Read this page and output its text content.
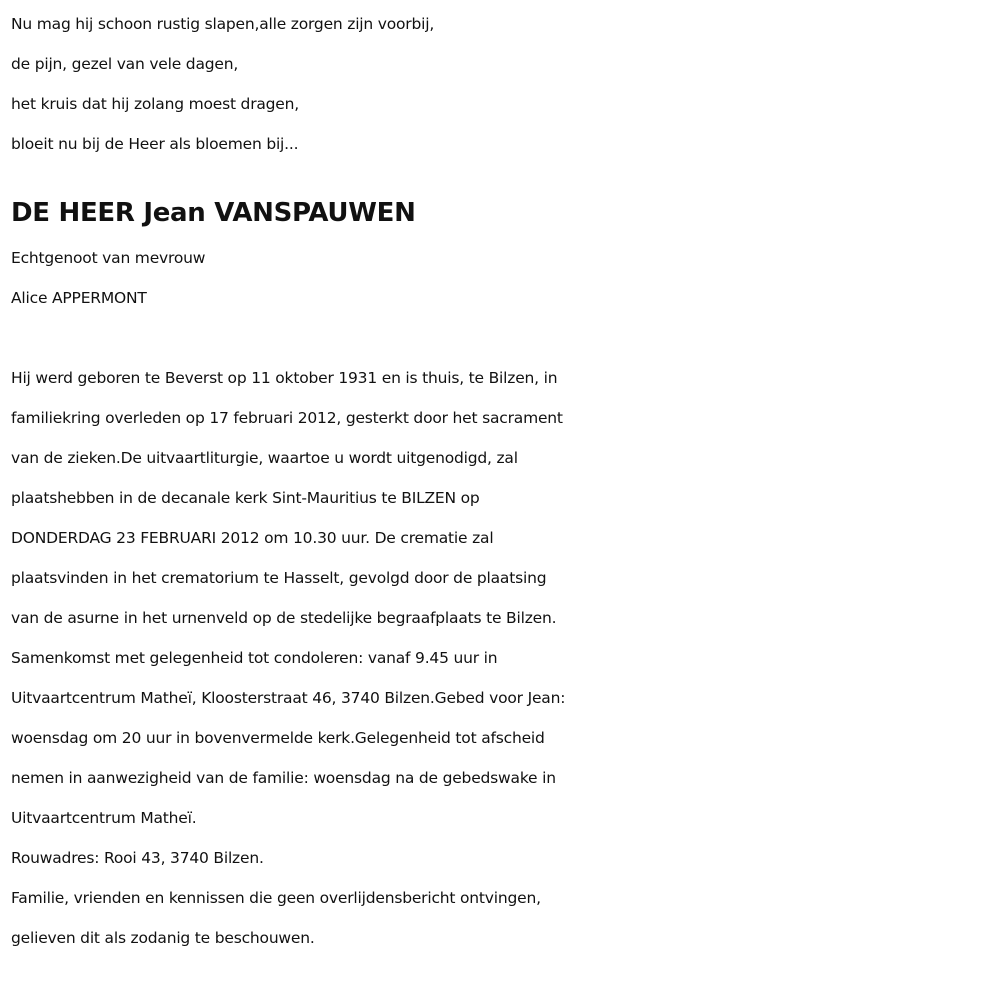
Nu mag hij schoon rustig slapen,alle zorgen zijn voorbij,
de pijn, gezel van vele dagen,
het kruis dat hij zolang moest dragen,
bloeit nu bij de Heer als bloemen bij...
DE HEER Jean VANSPAUWEN
Echtgenoot van mevrouw
Alice APPERMONT
Hij werd geboren te Beverst op 11 oktober 1931 en is thuis, te Bilzen, in
familiekring overleden op 17 februari 2012, gesterkt door het sacrament
van de zieken.De uitvaartliturgie, waartoe u wordt uitgenodigd, zal
plaatshebben in de decanale kerk Sint-Mauritius te BILZEN op
DONDERDAG 23 FEBRUARI 2012 om 10.30 uur. De crematie zal
plaatsvinden in het crematorium te Hasselt, gevolgd door de plaatsing
van de asurne in het urnenveld op de stedelijke begraafplaats te Bilzen.
Samenkomst met gelegenheid tot condoleren: vanaf 9.45 uur in
Uitvaartcentrum Matheï, Kloosterstraat 46, 3740 Bilzen.Gebed voor Jean:
woensdag om 20 uur in bovenvermelde kerk.Gelegenheid tot afscheid
nemen in aanwezigheid van de familie: woensdag na de gebedswake in
Uitvaartcentrum Matheï.
Rouwadres: Rooi 43, 3740 Bilzen.
Familie, vrienden en kennissen die geen overlijdensbericht ontvingen,
gelieven dit als zodanig te beschouwen.
